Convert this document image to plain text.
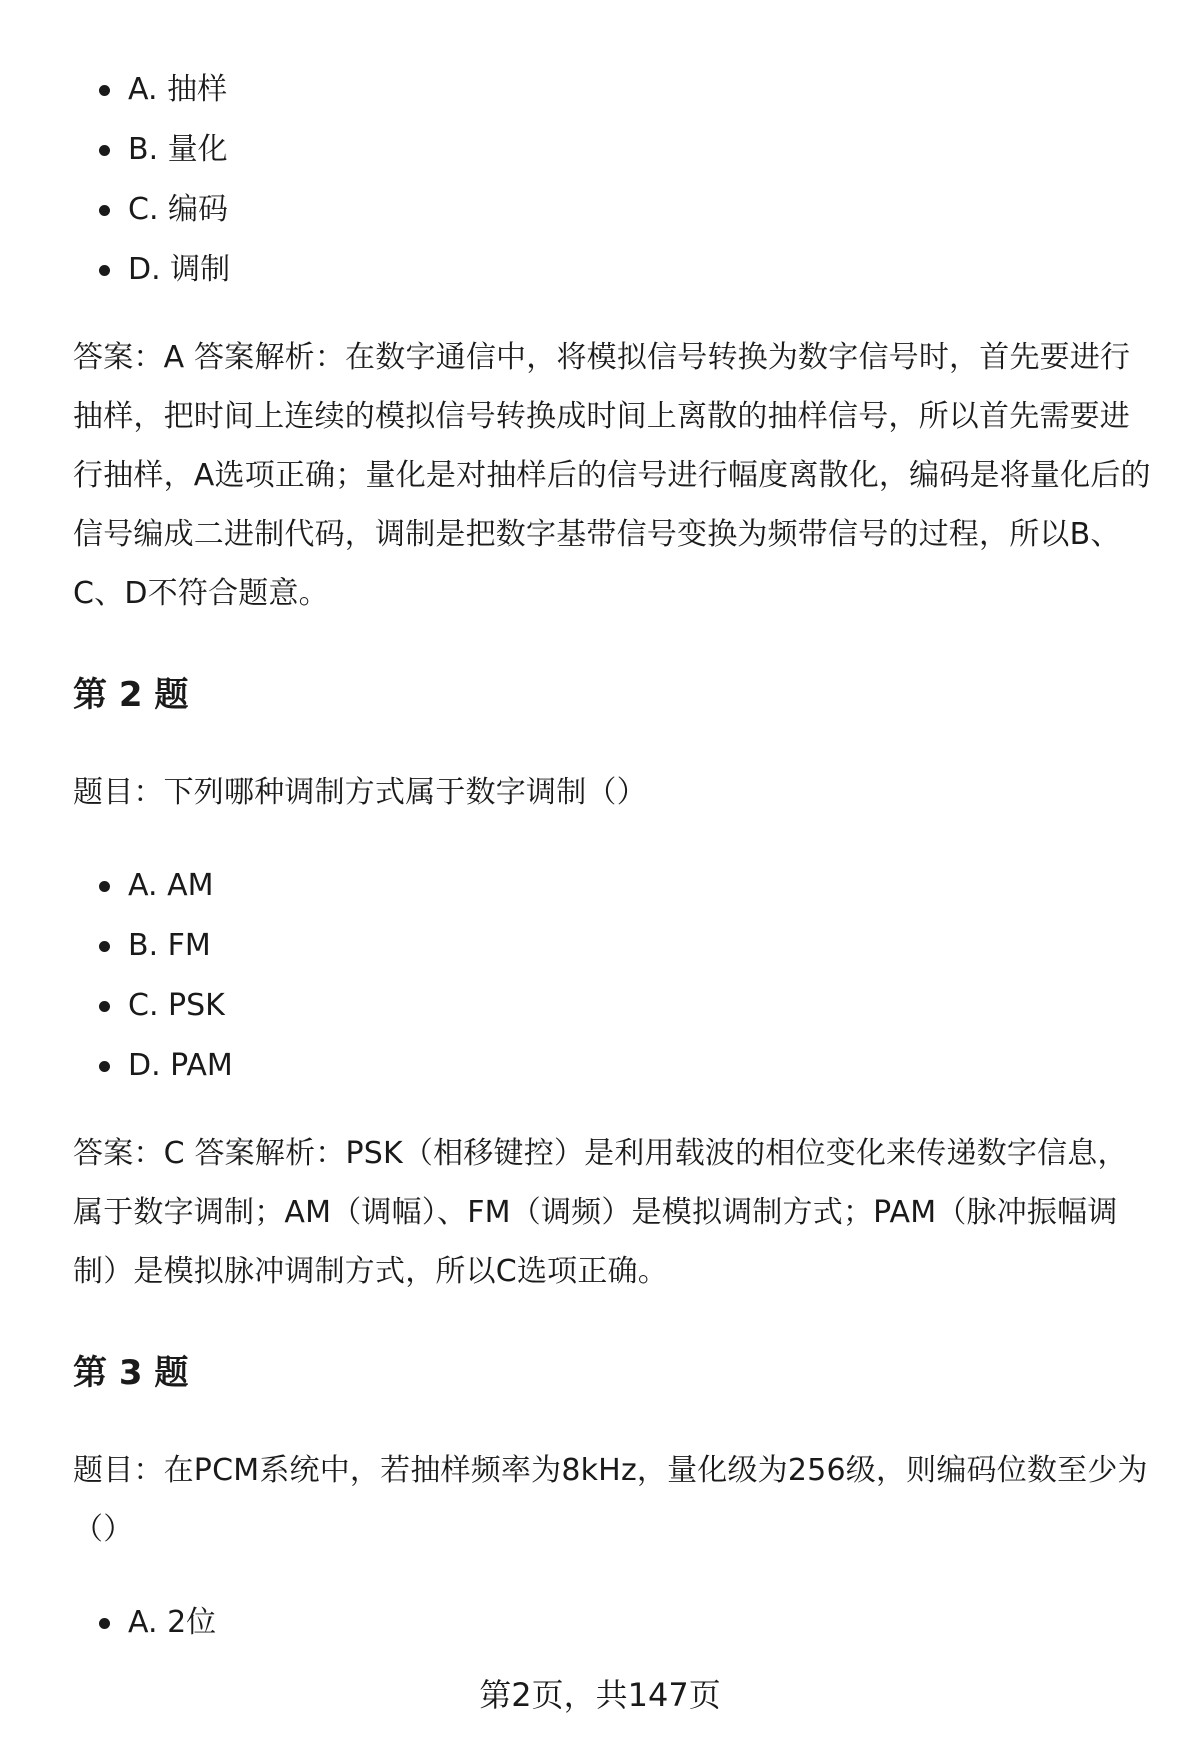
A. 抽样
B. 量化
C. 编码
D. 调制

答案：A 答案解析：在数字通信中，将模拟信号转换为数字信号时，首先要进行抽样，把时间上连续的模拟信号转换成时间上离散的抽样信号，所以首先需要进行抽样，A选项正确；量化是对抽样后的信号进行幅度离散化，编码是将量化后的信号编成二进制代码，调制是把数字基带信号变换为频带信号的过程，所以B、C、D不符合题意。

第 2 题

题目：下列哪种调制方式属于数字调制（）

A. AM
B. FM
C. PSK
D. PAM

答案：C 答案解析：PSK（相移键控）是利用载波的相位变化来传递数字信息，属于数字调制；AM（调幅）、FM（调频）是模拟调制方式；PAM（脉冲振幅调制）是模拟脉冲调制方式，所以C选项正确。

第 3 题

题目：在PCM系统中，若抽样频率为8kHz，量化级为256级，则编码位数至少为（）

A. 2位
第2页，共147页
